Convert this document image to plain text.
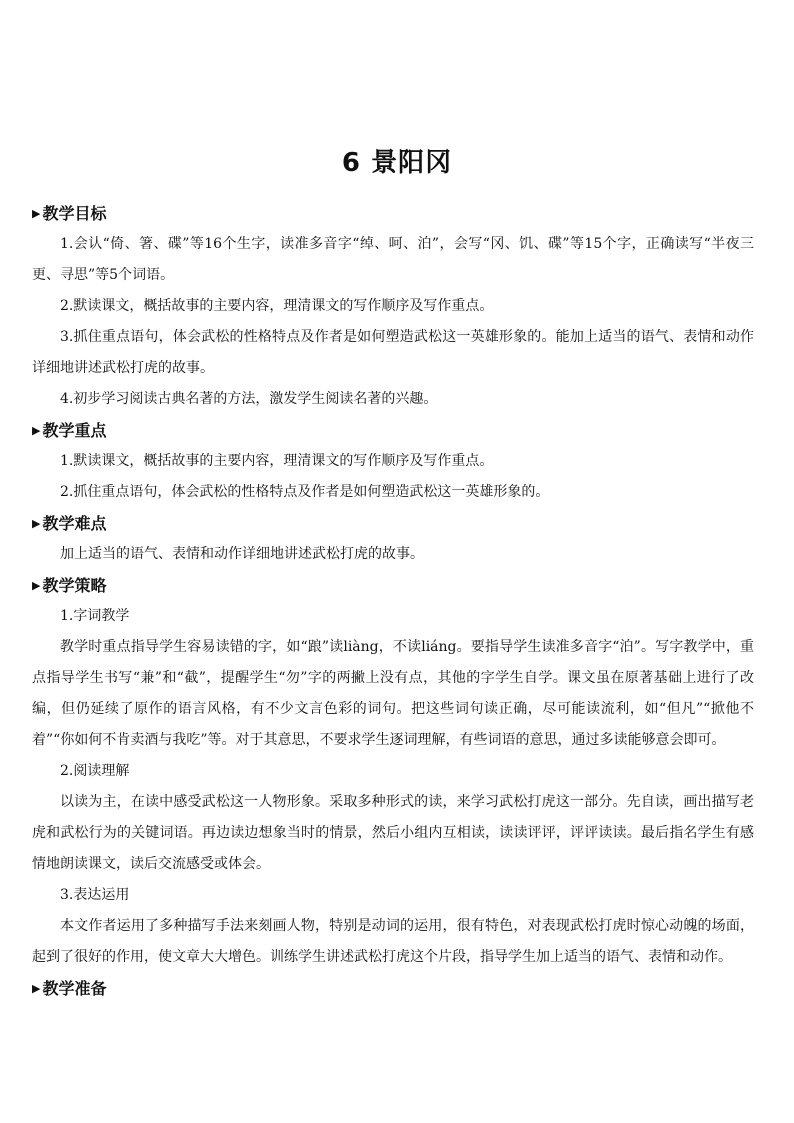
6 景阳冈
▶ 教学目标

1.会认“倚、箸、碟”等16个生字，读准多音字“绰、呵、泊”，会写“冈、饥、碟”等15个字，正确读写“半夜三更、寻思”等5个词语。

2.默读课文，概括故事的主要内容，理清课文的写作顺序及写作重点。

3.抓住重点语句，体会武松的性格特点及作者是如何塑造武松这一英雄形象的。能加上适当的语气、表情和动作详细地讲述武松打虎的故事。

4.初步学习阅读古典名著的方法，激发学生阅读名著的兴趣。

▶ 教学重点

1.默读课文，概括故事的主要内容，理清课文的写作顺序及写作重点。

2.抓住重点语句，体会武松的性格特点及作者是如何塑造武松这一英雄形象的。

▶ 教学难点

加上适当的语气、表情和动作详细地讲述武松打虎的故事。

▶ 教学策略

1.字词教学

教学时重点指导学生容易读错的字，如“踉”读liàng，不读liáng。要指导学生读准多音字“泊”。写字教学中，重点指导学生书写“兼”和“截”，提醒学生“勿”字的两撇上没有点，其他的字学生自学。课文虽在原著基础上进行了改编，但仍延续了原作的语言风格，有不少文言色彩的词句。把这些词句读正确，尽可能读流利，如“但凡”“掀他不着”“你如何不肯卖酒与我吃”等。对于其意思，不要求学生逐词理解，有些词语的意思，通过多读能够意会即可。

2.阅读理解

以读为主，在读中感受武松这一人物形象。采取多种形式的读，来学习武松打虎这一部分。先自读，画出描写老虎和武松行为的关键词语。再边读边想象当时的情景，然后小组内互相读，读读评评，评评读读。最后指名学生有感情地朗读课文，读后交流感受或体会。

3.表达运用

本文作者运用了多种描写手法来刻画人物，特别是动词的运用，很有特色，对表现武松打虎时惊心动魄的场面，起到了很好的作用，使文章大大增色。训练学生讲述武松打虎这个片段，指导学生加上适当的语气、表情和动作。

▶ 教学准备
